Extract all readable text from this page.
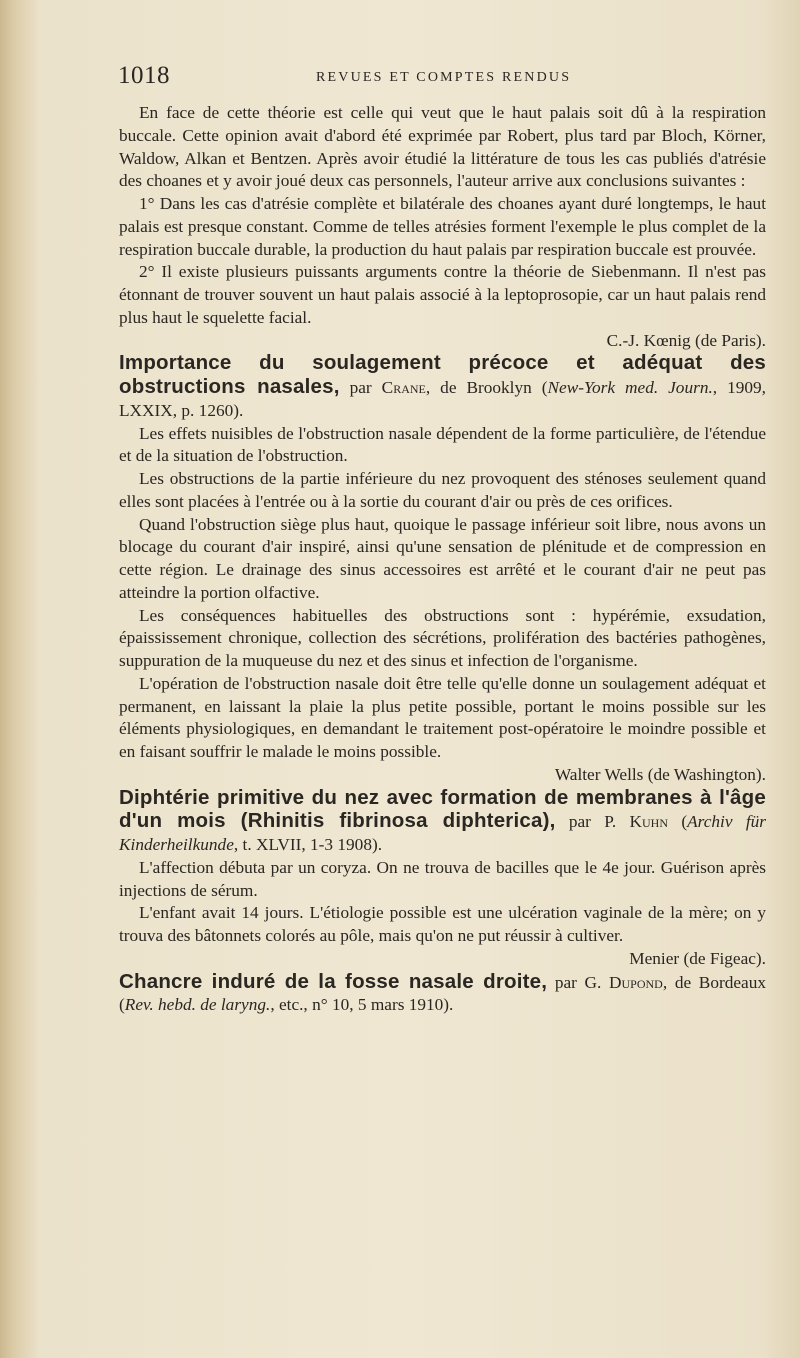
1018	REVUES ET COMPTES RENDUS

En face de cette théorie est celle qui veut que le haut palais soit dû à la respiration buccale. Cette opinion avait d'abord été exprimée par Robert, plus tard par Bloch, Körner, Waldow, Alkan et Bentzen. Après avoir étudié la littérature de tous les cas publiés d'atrésie des choanes et y avoir joué deux cas personnels, l'auteur arrive aux conclusions suivantes :

1° Dans les cas d'atrésie complète et bilatérale des choanes ayant duré longtemps, le haut palais est presque constant. Comme de telles atrésies forment l'exemple le plus complet de la respiration buccale durable, la production du haut palais par respiration buccale est prouvée.

2° Il existe plusieurs puissants arguments contre la théorie de Siebenmann. Il n'est pas étonnant de trouver souvent un haut palais associé à la leptoprosopie, car un haut palais rend plus haut le squelette facial.

C.-J. Kœnig (de Paris).

Importance du soulagement précoce et adéquat des obstructions nasales, par Crane, de Brooklyn (New-York med. Journ., 1909, LXXIX, p. 1260).

Les effets nuisibles de l'obstruction nasale dépendent de la forme particulière, de l'étendue et de la situation de l'obstruction.

Les obstructions de la partie inférieure du nez provoquent des sténoses seulement quand elles sont placées à l'entrée ou à la sortie du courant d'air ou près de ces orifices.

Quand l'obstruction siège plus haut, quoique le passage inférieur soit libre, nous avons un blocage du courant d'air inspiré, ainsi qu'une sensation de plénitude et de compression en cette région. Le drainage des sinus accessoires est arrêté et le courant d'air ne peut pas atteindre la portion olfactive.

Les conséquences habituelles des obstructions sont : hypérémie, exsudation, épaississement chronique, collection des sécrétions, prolifération des bactéries pathogènes, suppuration de la muqueuse du nez et des sinus et infection de l'organisme.

L'opération de l'obstruction nasale doit être telle qu'elle donne un soulagement adéquat et permanent, en laissant la plaie la plus petite possible, portant le moins possible sur les éléments physiologiques, en demandant le traitement post-opératoire le moindre possible et en faisant souffrir le malade le moins possible.

Walter Wells (de Washington).

Diphtérie primitive du nez avec formation de membranes à l'âge d'un mois (Rhinitis fibrinosa diphterica), par P. Kuhn (Archiv für Kinderheilkunde, t. XLVII, 1-3 1908).

L'affection débuta par un coryza. On ne trouva de bacilles que le 4e jour. Guérison après injections de sérum.

L'enfant avait 14 jours. L'étiologie possible est une ulcération vaginale de la mère; on y trouva des bâtonnets colorés au pôle, mais qu'on ne put réussir à cultiver.

Menier (de Figeac).

Chancre induré de la fosse nasale droite, par G. Dupond, de Bordeaux (Rev. hebd. de laryng., etc., n° 10, 5 mars 1910).
